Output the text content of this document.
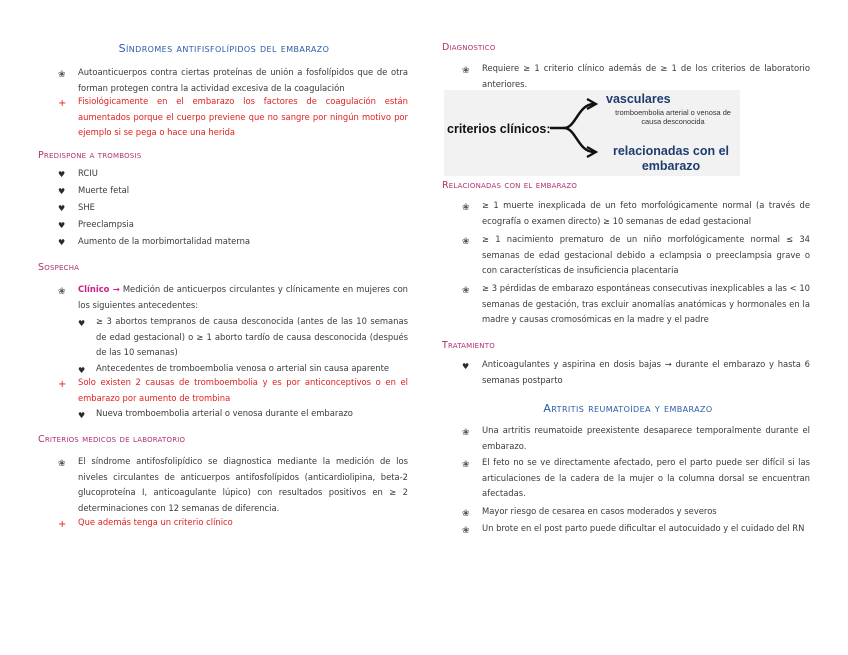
Síndromes antifisfolípidos del embarazo
❀ Autoanticuerpos contra ciertas proteínas de unión a fosfolípidos que de otra forman protegen contra la actividad excesiva de la coagulación
+ Fisiológicamente en el embarazo los factores de coagulación están aumentados porque el cuerpo previene que no sangre por ningún motivo por ejemplo si se pega o hace una herida
Predispone a trombosis
♥ RCIU
♥ Muerte fetal
♥ SHE
♥ Preeclampsia
♥ Aumento de la morbimortalidad materna
Sospecha
❀ Clínico → Medición de anticuerpos circulantes y clínicamente en mujeres con los siguientes antecedentes:
♥ ≥ 3 abortos tempranos de causa desconocida (antes de las 10 semanas de edad gestacional) o ≥ 1 aborto tardío de causa desconocida (después de las 10 semanas)
♥ Antecedentes de tromboembolia venosa o arterial sin causa aparente
+ Solo existen 2 causas de tromboembolia y es por anticonceptivos o en el embarazo por aumento de trombina
♥ Nueva tromboembolia arterial o venosa durante el embarazo
Criterios medicos de laboratorio
❀ El síndrome antifosfolipídico se diagnostica mediante la medición de los niveles circulantes de anticuerpos antifosfolípidos (anticardiolipina, beta-2 glucoproteína I, anticoagulante lúpico) con resultados positivos en ≥ 2 determinaciones con 12 semanas de diferencia.
+ Que además tenga un criterio clínico
Diagnostico
❀ Requiere ≥ 1 criterio clínico además de ≥ 1 de los criterios de laboratorio anteriores.
criterios clínicos:
vasculares
tromboembolia arterial o venosa de causa desconocida
relacionadas con el embarazo
Relacionadas con el embarazo
❀ ≥ 1 muerte inexplicada de un feto morfológicamente normal (a través de ecografía o examen directo) ≥ 10 semanas de edad gestacional
❀ ≥ 1 nacimiento prematuro de un niño morfológicamente normal ≤ 34 semanas de edad gestacional debido a eclampsia o preeclampsia grave o con características de insuficiencia placentaria
❀ ≥ 3 pérdidas de embarazo espontáneas consecutivas inexplicables a las < 10 semanas de gestación, tras excluir anomalías anatómicas y hormonales en la madre y causas cromosómicas en la madre y el padre
Tratamiento
♥ Anticoagulantes y aspirina en dosis bajas → durante el embarazo y hasta 6 semanas postparto
Artritis reumatoídea y embarazo
❀ Una artritis reumatoide preexistente desaparece temporalmente durante el embarazo.
❀ El feto no se ve directamente afectado, pero el parto puede ser difícil si las articulaciones de la cadera de la mujer o la columna dorsal se encuentran afectadas.
❀ Mayor riesgo de cesarea en casos moderados y severos
❀ Un brote en el post parto puede dificultar el autocuidado y el cuidado del RN
